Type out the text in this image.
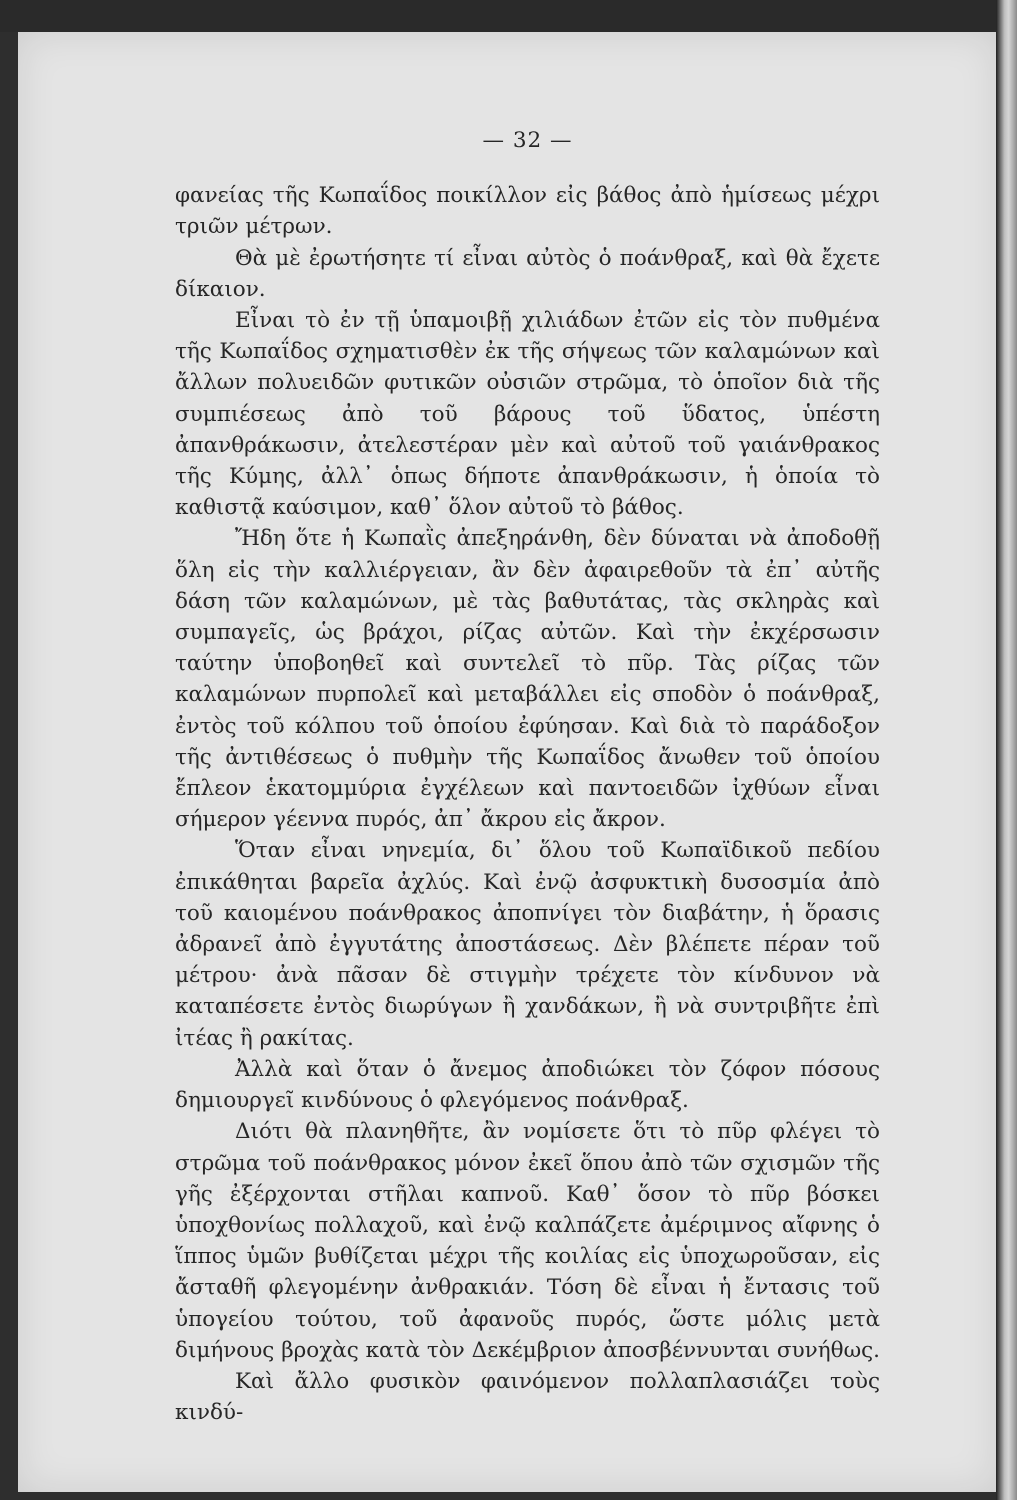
— 32 —

φανείας τῆς Κωπαΐδος ποικίλλον εἰς βάθος ἀπὸ ἡμίσεως μέχρι τριῶν μέτρων.

Θὰ μὲ ἐρωτήσητε τί εἶναι αὐτὸς ὁ ποάνθραξ, καὶ θὰ ἔχετε δίκαιον.

Εἶναι τὸ ἐν τῇ ὑπαμοιβῇ χιλιάδων ἐτῶν εἰς τὸν πυθμένα τῆς Κωπαΐδος σχηματισθὲν ἐκ τῆς σήψεως τῶν καλαμώνων καὶ ἄλλων πολυειδῶν φυτικῶν οὐσιῶν στρῶμα, τὸ ὁποῖον διὰ τῆς συμπιέσεως ἀπὸ τοῦ βάρους τοῦ ὕδατος, ὑπέστη ἀπανθράκωσιν, ἀτελεστέραν μὲν καὶ αὐτοῦ τοῦ γαιάνθρακος τῆς Κύμης, ἀλλ᾿ ὁπως δήποτε ἀπανθράκωσιν, ἡ ὁποία τὸ καθιστᾷ καύσιμον, καθ᾿ ὅλον αὐτοῦ τὸ βάθος.

Ἤδη ὅτε ἡ Κωπαῒς ἀπεξηράνθη, δὲν δύναται νὰ ἀποδοθῇ ὅλη εἰς τὴν καλλιέργειαν, ἂν δὲν ἀφαιρεθοῦν τὰ ἐπ᾿ αὐτῆς δάση τῶν καλαμώνων, μὲ τὰς βαθυτάτας, τὰς σκληρὰς καὶ συμπαγεῖς, ὡς βράχοι, ρίζας αὐτῶν. Καὶ τὴν ἐκχέρσωσιν ταύτην ὑποβοηθεῖ καὶ συντελεῖ τὸ πῦρ. Τὰς ρίζας τῶν καλαμώνων πυρπολεῖ καὶ μεταβάλλει εἰς σποδὸν ὁ ποάνθραξ, ἐντὸς τοῦ κόλπου τοῦ ὁποίου ἐφύησαν. Καὶ διὰ τὸ παράδοξον τῆς ἀντιθέσεως ὁ πυθμὴν τῆς Κωπαΐδος ἄνωθεν τοῦ ὁποίου ἔπλεον ἑκατομμύρια ἐγχέλεων καὶ παντοειδῶν ἰχθύων εἶναι σήμερον γέεννα πυρός, ἀπ᾿ ἄκρου εἰς ἄκρον.

Ὅταν εἶναι νηνεμία, δι᾿ ὅλου τοῦ Κωπαϊδικοῦ πεδίου ἐπικάθηται βαρεῖα ἀχλύς. Καὶ ἐνῷ ἀσφυκτικὴ δυσοσμία ἀπὸ τοῦ καιομένου ποάνθρακος ἀποπνίγει τὸν διαβάτην, ἡ ὅρασις ἀδρανεῖ ἀπὸ ἐγγυτάτης ἀποστάσεως. Δὲν βλέπετε πέραν τοῦ μέτρου· ἀνὰ πᾶσαν δὲ στιγμὴν τρέχετε τὸν κίνδυνον νὰ καταπέσετε ἐντὸς διωρύγων ἢ χανδάκων, ἢ νὰ συντριβῆτε ἐπὶ ἰτέας ἢ ρακίτας.

Ἀλλὰ καὶ ὅταν ὁ ἄνεμος ἀποδιώκει τὸν ζόφον πόσους δημιουργεῖ κινδύνους ὁ φλεγόμενος ποάνθραξ.

Διότι θὰ πλανηθῆτε, ἂν νομίσετε ὅτι τὸ πῦρ φλέγει τὸ στρῶμα τοῦ ποάνθρακος μόνον ἐκεῖ ὅπου ἀπὸ τῶν σχισμῶν τῆς γῆς ἐξέρχονται στῆλαι καπνοῦ. Καθ᾿ ὅσον τὸ πῦρ βόσκει ὑποχθονίως πολλαχοῦ, καὶ ἐνῷ καλπάζετε ἀμέριμνος αἴφνης ὁ ἵππος ὑμῶν βυθίζεται μέχρι τῆς κοιλίας εἰς ὑποχωροῦσαν, εἰς ἄσταθῆ φλεγομένην ἀνθρακιάν. Τόση δὲ εἶναι ἡ ἔντασις τοῦ ὑπογείου τούτου, τοῦ ἀφανοῦς πυρός, ὥστε μόλις μετὰ διμήνους βροχὰς κατὰ τὸν Δεκέμβριον ἀποσβέννυνται συνήθως.

Καὶ ἄλλο φυσικὸν φαινόμενον πολλαπλασιάζει τοὺς κινδύ-
